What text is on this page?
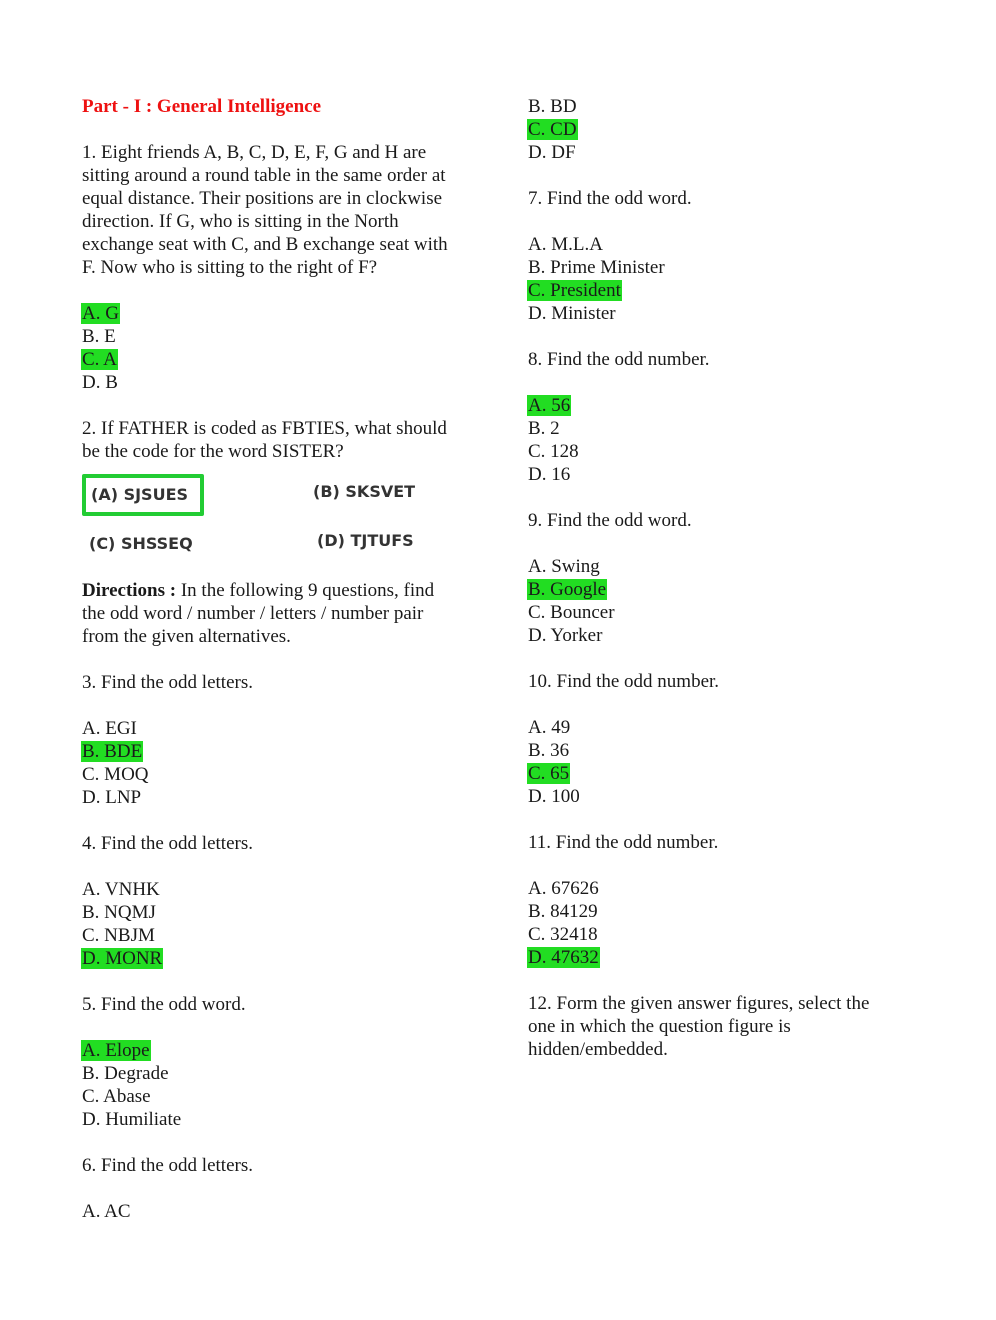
Part - I : General Intelligence
1. Eight friends A, B, C, D, E, F, G and H are
sitting around a round table in the same order at
equal distance. Their positions are in clockwise
direction. If G, who is sitting in the North
exchange seat with C, and B exchange seat with
F. Now who is sitting to the right of F?
A. G
B. E
C. A
D. B
2. If FATHER is coded as FBTIES, what should
be the code for the word SISTER?
(A) SJSUES	(B) SKSVET
(C) SHSSEQ	(D) TJTUFS
Directions : In the following 9 questions, find
the odd word / number / letters / number pair
from the given alternatives.
3. Find the odd letters.
A. EGI
B. BDE
C. MOQ
D. LNP
4. Find the odd letters.
A. VNHK
B. NQMJ
C. NBJM
D. MONR
5. Find the odd word.
A. Elope
B. Degrade
C. Abase
D. Humiliate
6. Find the odd letters.
A. AC
B. BD
C. CD
D. DF
7. Find the odd word.
A. M.L.A
B. Prime Minister
C. President
D. Minister
8. Find the odd number.
A. 56
B. 2
C. 128
D. 16
9. Find the odd word.
A. Swing
B. Google
C. Bouncer
D. Yorker
10. Find the odd number.
A. 49
B. 36
C. 65
D. 100
11. Find the odd number.
A. 67626
B. 84129
C. 32418
D. 47632
12. Form the given answer figures, select the
one in which the question figure is
hidden/embedded.
